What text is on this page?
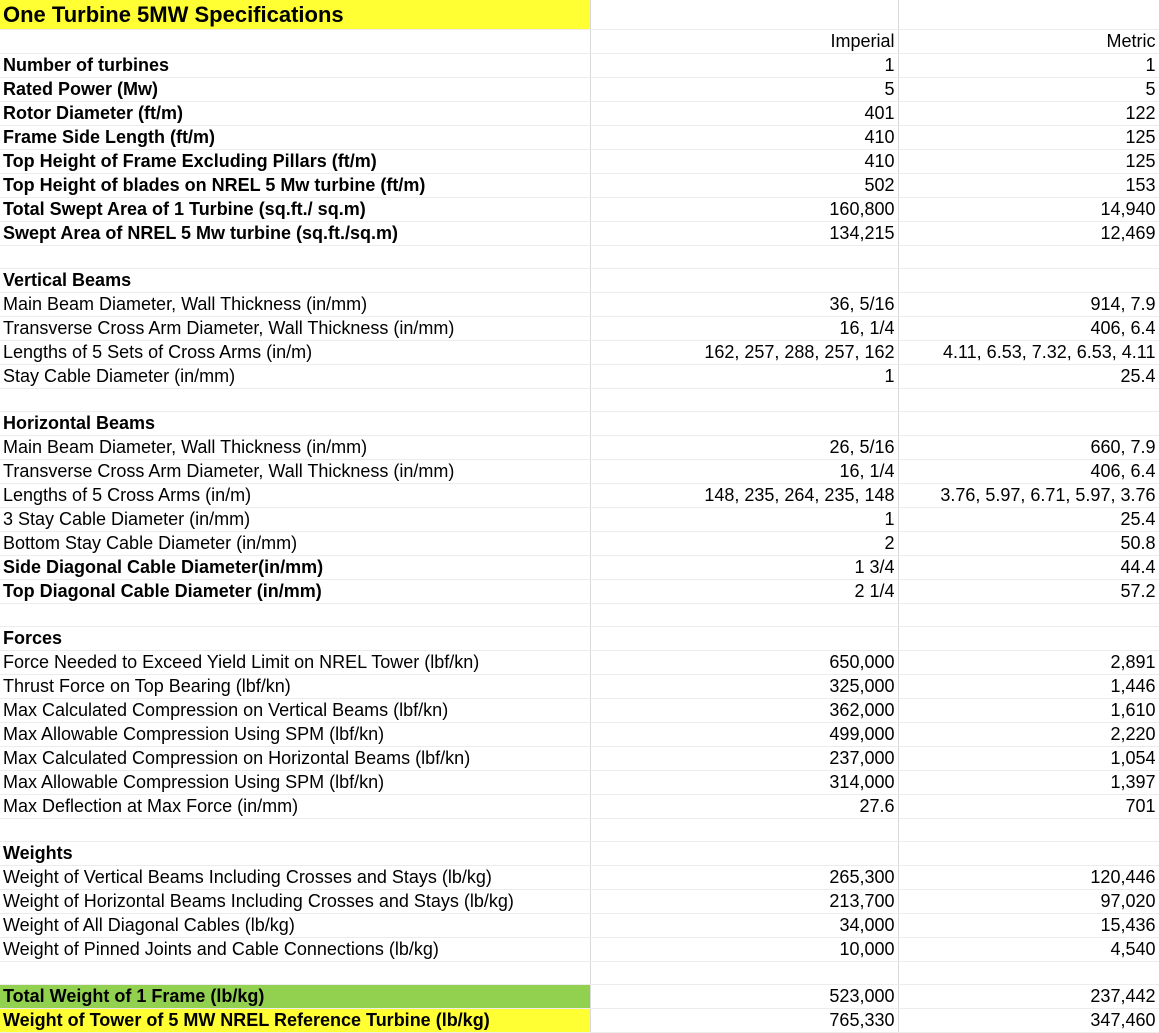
One Turbine 5MW Specifications		
	Imperial	Metric
Number of turbines	1	1
Rated Power (Mw)	5	5
Rotor Diameter (ft/m)	401	122
Frame Side Length (ft/m)	410	125
Top Height of Frame Excluding Pillars (ft/m)	410	125
Top Height of blades on NREL 5 Mw turbine (ft/m)	502	153
Total Swept Area of 1 Turbine (sq.ft./ sq.m)	160,800	14,940
Swept Area of NREL 5 Mw turbine (sq.ft./sq.m)	134,215	12,469

Vertical Beams		
Main Beam Diameter, Wall Thickness (in/mm)	36, 5/16	914, 7.9
Transverse Cross Arm Diameter, Wall Thickness (in/mm)	16, 1/4	406, 6.4
Lengths of 5 Sets of Cross Arms (in/m)	162, 257, 288, 257, 162	4.11, 6.53, 7.32, 6.53, 4.11
Stay Cable Diameter (in/mm)	1	25.4

Horizontal Beams		
Main Beam Diameter, Wall Thickness (in/mm)	26, 5/16	660, 7.9
Transverse Cross Arm Diameter, Wall Thickness (in/mm)	16, 1/4	406, 6.4
Lengths of 5 Cross Arms (in/m)	148, 235, 264, 235, 148	3.76, 5.97, 6.71, 5.97, 3.76
3 Stay Cable Diameter (in/mm)	1	25.4
Bottom Stay Cable Diameter (in/mm)	2	50.8
Side Diagonal Cable Diameter(in/mm)	1 3/4	44.4
Top Diagonal Cable Diameter (in/mm)	2 1/4	57.2

Forces		
Force Needed to Exceed Yield Limit on NREL Tower (lbf/kn)	650,000	2,891
Thrust Force on Top Bearing (lbf/kn)	325,000	1,446
Max Calculated Compression on Vertical Beams (lbf/kn)	362,000	1,610
Max Allowable Compression Using SPM (lbf/kn)	499,000	2,220
Max Calculated Compression on Horizontal Beams (lbf/kn)	237,000	1,054
Max Allowable Compression Using SPM (lbf/kn)	314,000	1,397
Max Deflection at Max Force (in/mm)	27.6	701

Weights		
Weight of Vertical Beams Including Crosses and Stays (lb/kg)	265,300	120,446
Weight of Horizontal Beams Including Crosses and Stays (lb/kg)	213,700	97,020
Weight of All Diagonal Cables (lb/kg)	34,000	15,436
Weight of Pinned Joints and Cable Connections (lb/kg)	10,000	4,540

Total Weight of 1 Frame (lb/kg)	523,000	237,442
Weight of Tower of 5 MW NREL Reference Turbine (lb/kg)	765,330	347,460
